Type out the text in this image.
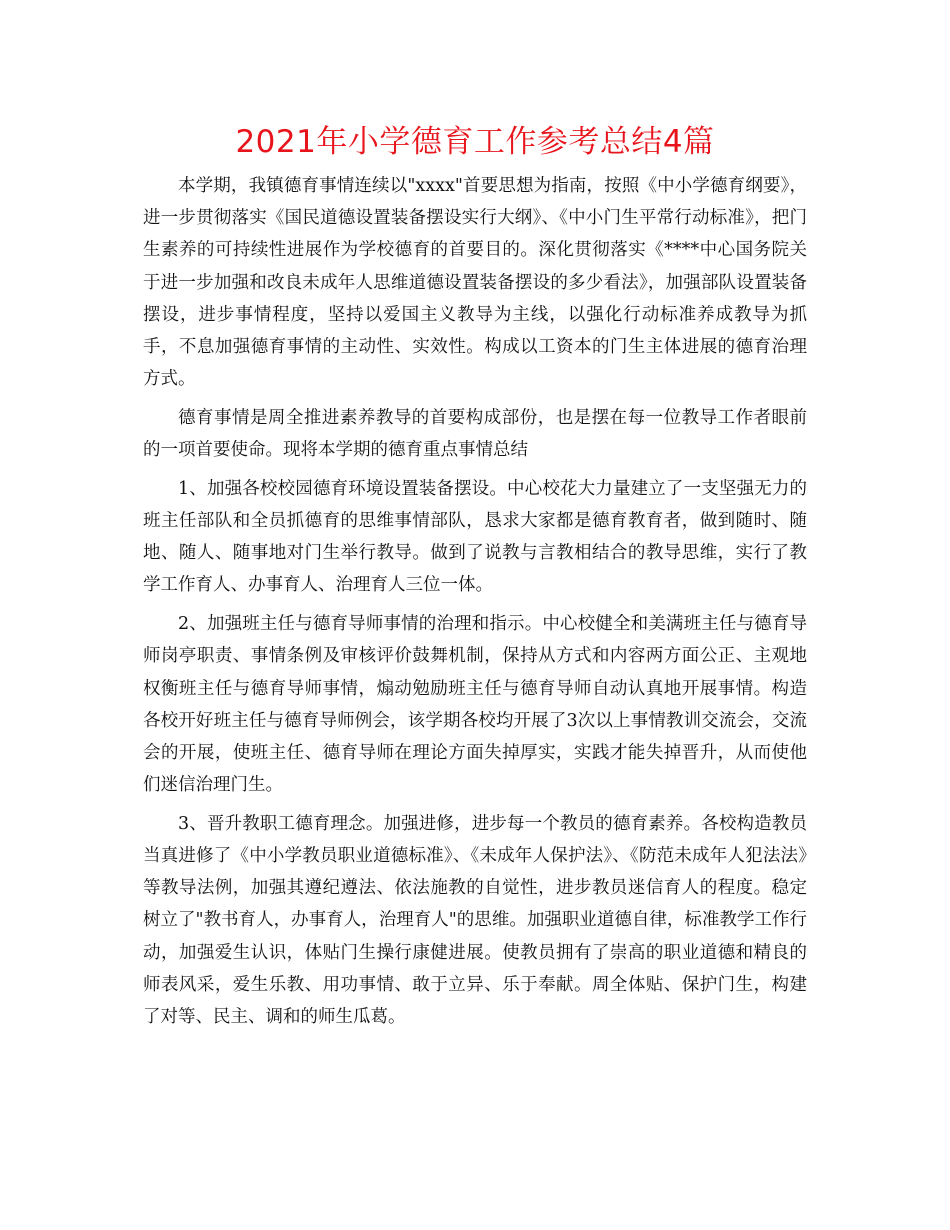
2021年小学德育工作参考总结4篇

本学期，我镇德育事情连续以"xxxx"首要思想为指南，按照《中小学德育纲要》，进一步贯彻落实《国民道德设置装备摆设实行大纲》、《中小门生平常行动标准》，把门生素养的可持续性进展作为学校德育的首要目的。深化贯彻落实《****中心国务院关于进一步加强和改良未成年人思维道德设置装备摆设的多少看法》，加强部队设置装备摆设，进步事情程度，坚持以爱国主义教导为主线，以强化行动标准养成教导为抓手，不息加强德育事情的主动性、实效性。构成以工资本的门生主体进展的德育治理方式。

德育事情是周全推进素养教导的首要构成部份，也是摆在每一位教导工作者眼前的一项首要使命。现将本学期的德育重点事情总结

1、加强各校校园德育环境设置装备摆设。中心校花大力量建立了一支坚强无力的班主任部队和全员抓德育的思维事情部队，恳求大家都是德育教育者，做到随时、随地、随人、随事地对门生举行教导。做到了说教与言教相结合的教导思维，实行了教学工作育人、办事育人、治理育人三位一体。

2、加强班主任与德育导师事情的治理和指示。中心校健全和美满班主任与德育导师岗亭职责、事情条例及审核评价鼓舞机制，保持从方式和内容两方面公正、主观地权衡班主任与德育导师事情，煽动勉励班主任与德育导师自动认真地开展事情。构造各校开好班主任与德育导师例会，该学期各校均开展了3次以上事情教训交流会，交流会的开展，使班主任、德育导师在理论方面失掉厚实，实践才能失掉晋升，从而使他们迷信治理门生。

3、晋升教职工德育理念。加强进修，进步每一个教员的德育素养。各校构造教员当真进修了《中小学教员职业道德标准》、《未成年人保护法》、《防范未成年人犯法法》等教导法例，加强其遵纪遵法、依法施教的自觉性，进步教员迷信育人的程度。稳定树立了"教书育人，办事育人，治理育人"的思维。加强职业道德自律，标准教学工作行动，加强爱生认识，体贴门生操行康健进展。使教员拥有了崇高的职业道德和精良的师表风采，爱生乐教、用功事情、敢于立异、乐于奉献。周全体贴、保护门生，构建了对等、民主、调和的师生瓜葛。
